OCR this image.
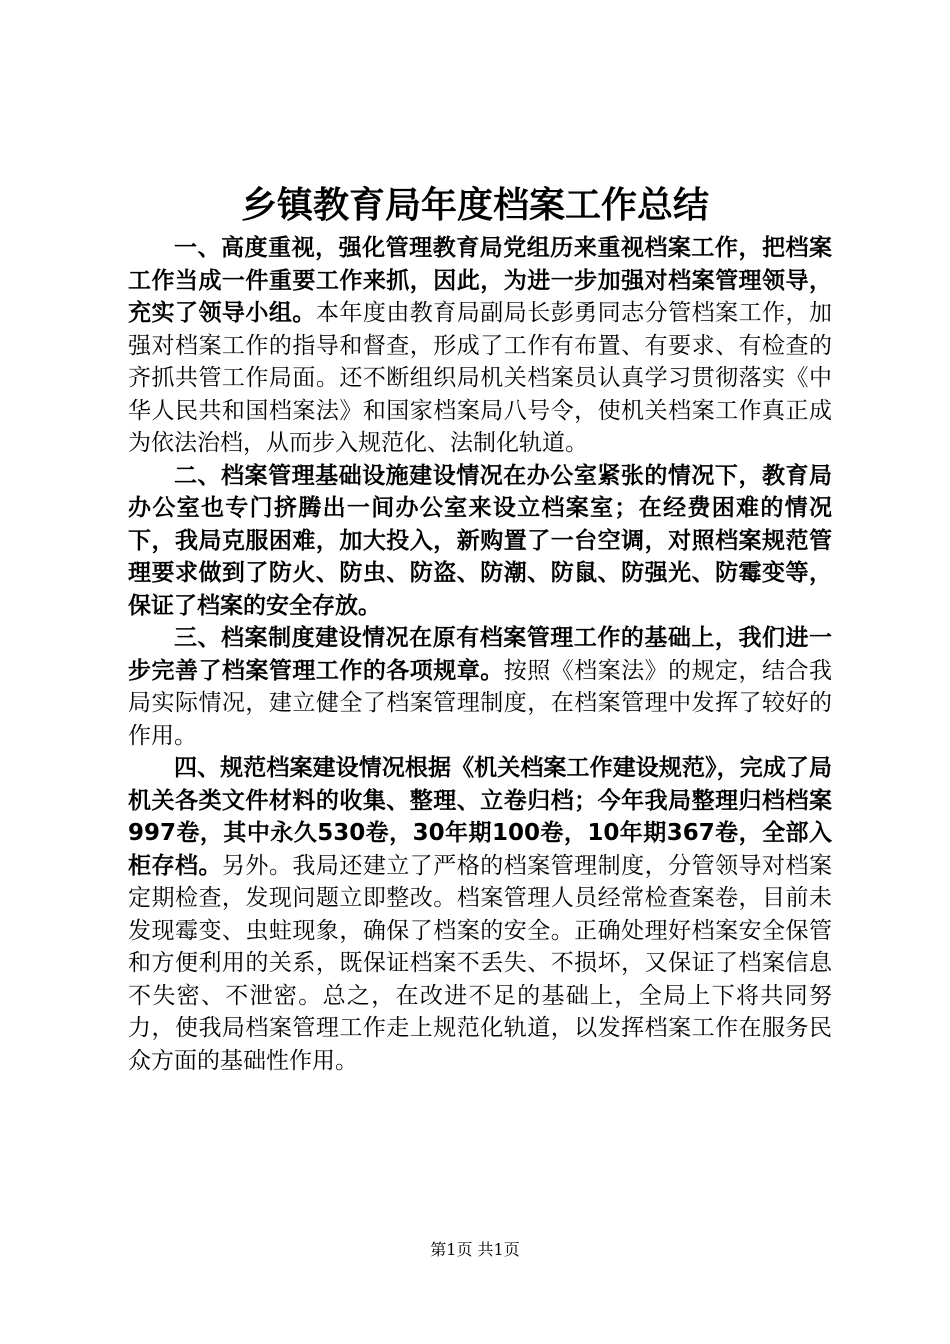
乡镇教育局年度档案工作总结

一、高度重视，强化管理教育局党组历来重视档案工作，把档案工作当成一件重要工作来抓，因此，为进一步加强对档案管理领导，充实了领导小组。本年度由教育局副局长彭勇同志分管档案工作，加强对档案工作的指导和督查，形成了工作有布置、有要求、有检查的齐抓共管工作局面。还不断组织局机关档案员认真学习贯彻落实《中华人民共和国档案法》和国家档案局八号令，使机关档案工作真正成为依法治档，从而步入规范化、法制化轨道。

二、档案管理基础设施建设情况在办公室紧张的情况下，教育局办公室也专门挤腾出一间办公室来设立档案室；在经费困难的情况下，我局克服困难，加大投入，新购置了一台空调，对照档案规范管理要求做到了防火、防虫、防盗、防潮、防鼠、防强光、防霉变等，保证了档案的安全存放。

三、档案制度建设情况在原有档案管理工作的基础上，我们进一步完善了档案管理工作的各项规章。按照《档案法》的规定，结合我局实际情况，建立健全了档案管理制度，在档案管理中发挥了较好的作用。

四、规范档案建设情况根据《机关档案工作建设规范》，完成了局机关各类文件材料的收集、整理、立卷归档；今年我局整理归档档案997卷，其中永久530卷，30年期100卷，10年期367卷，全部入柜存档。另外。我局还建立了严格的档案管理制度，分管领导对档案定期检查，发现问题立即整改。档案管理人员经常检查案卷，目前未发现霉变、虫蛀现象，确保了档案的安全。正确处理好档案安全保管和方便利用的关系，既保证档案不丢失、不损坏，又保证了档案信息不失密、不泄密。总之，在改进不足的基础上，全局上下将共同努力，使我局档案管理工作走上规范化轨道，以发挥档案工作在服务民众方面的基础性作用。

第1页 共1页
